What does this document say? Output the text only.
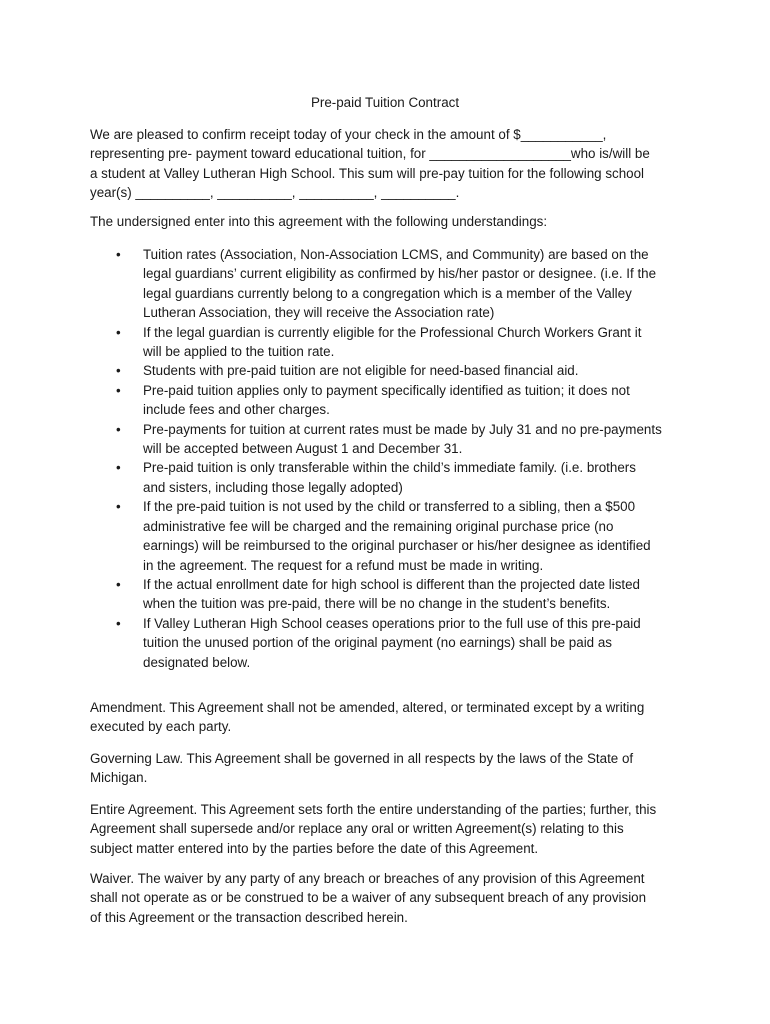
Pre-paid Tuition Contract

We are pleased to confirm receipt today of your check in the amount of $___________,
representing pre- payment toward educational tuition, for ___________________who is/will be
a student at Valley Lutheran High School. This sum will pre-pay tuition for the following school
year(s) __________, __________, __________, __________.

The undersigned enter into this agreement with the following understandings:

• Tuition rates (Association, Non-Association LCMS, and Community) are based on the
legal guardians’ current eligibility as confirmed by his/her pastor or designee. (i.e. If the
legal guardians currently belong to a congregation which is a member of the Valley
Lutheran Association, they will receive the Association rate)
• If the legal guardian is currently eligible for the Professional Church Workers Grant it
will be applied to the tuition rate.
• Students with pre-paid tuition are not eligible for need-based financial aid.
• Pre-paid tuition applies only to payment specifically identified as tuition; it does not
include fees and other charges.
• Pre-payments for tuition at current rates must be made by July 31 and no pre-payments
will be accepted between August 1 and December 31.
• Pre-paid tuition is only transferable within the child’s immediate family. (i.e. brothers
and sisters, including those legally adopted)
• If the pre-paid tuition is not used by the child or transferred to a sibling, then a $500
administrative fee will be charged and the remaining original purchase price (no
earnings) will be reimbursed to the original purchaser or his/her designee as identified
in the agreement. The request for a refund must be made in writing.
• If the actual enrollment date for high school is different than the projected date listed
when the tuition was pre-paid, there will be no change in the student’s benefits.
• If Valley Lutheran High School ceases operations prior to the full use of this pre-paid
tuition the unused portion of the original payment (no earnings) shall be paid as
designated below.

Amendment. This Agreement shall not be amended, altered, or terminated except by a writing
executed by each party.

Governing Law. This Agreement shall be governed in all respects by the laws of the State of
Michigan.

Entire Agreement. This Agreement sets forth the entire understanding of the parties; further, this
Agreement shall supersede and/or replace any oral or written Agreement(s) relating to this
subject matter entered into by the parties before the date of this Agreement.

Waiver. The waiver by any party of any breach or breaches of any provision of this Agreement
shall not operate as or be construed to be a waiver of any subsequent breach of any provision
of this Agreement or the transaction described herein.
